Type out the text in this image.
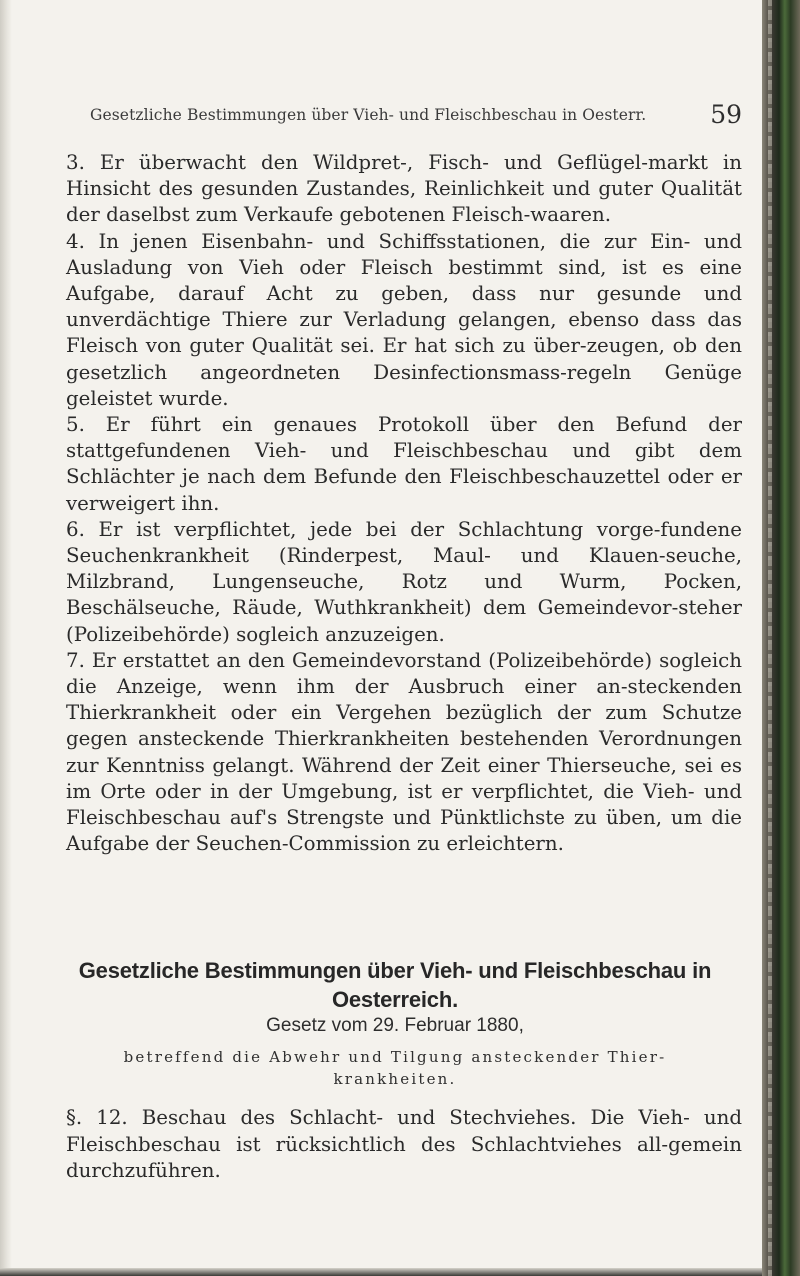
Gesetzliche Bestimmungen über Vieh- und Fleischbeschau in Oesterr.	59

3. Er überwacht den Wildpret-, Fisch- und Geflügel-markt in Hinsicht des gesunden Zustandes, Reinlichkeit und guter Qualität der daselbst zum Verkaufe gebotenen Fleisch-waaren.

4. In jenen Eisenbahn- und Schiffsstationen, die zur Ein- und Ausladung von Vieh oder Fleisch bestimmt sind, ist es eine Aufgabe, darauf Acht zu geben, dass nur gesunde und unverdächtige Thiere zur Verladung gelangen, ebenso dass das Fleisch von guter Qualität sei. Er hat sich zu über-zeugen, ob den gesetzlich angeordneten Desinfectionsmass-regeln Genüge geleistet wurde.

5. Er führt ein genaues Protokoll über den Befund der stattgefundenen Vieh- und Fleischbeschau und gibt dem Schlächter je nach dem Befunde den Fleischbeschauzettel oder er verweigert ihn.

6. Er ist verpflichtet, jede bei der Schlachtung vorge-fundene Seuchenkrankheit (Rinderpest, Maul- und Klauen-seuche, Milzbrand, Lungenseuche, Rotz und Wurm, Pocken, Beschälseuche, Räude, Wuthkrankheit) dem Gemeindevor-steher (Polizeibehörde) sogleich anzuzeigen.

7. Er erstattet an den Gemeindevorstand (Polizeibehörde) sogleich die Anzeige, wenn ihm der Ausbruch einer an-steckenden Thierkrankheit oder ein Vergehen bezüglich der zum Schutze gegen ansteckende Thierkrankheiten bestehenden Verordnungen zur Kenntniss gelangt. Während der Zeit einer Thierseuche, sei es im Orte oder in der Umgebung, ist er verpflichtet, die Vieh- und Fleischbeschau auf's Strengste und Pünktlichste zu üben, um die Aufgabe der Seuchen-Commission zu erleichtern.

Gesetzliche Bestimmungen über Vieh- und Fleischbeschau in
Oesterreich.
Gesetz vom 29. Februar 1880,
betreffend die Abwehr und Tilgung ansteckender Thier-
krankheiten.

§. 12. Beschau des Schlacht- und Stechviehes. Die Vieh- und Fleischbeschau ist rücksichtlich des Schlachtviehes all-gemein durchzuführen.
